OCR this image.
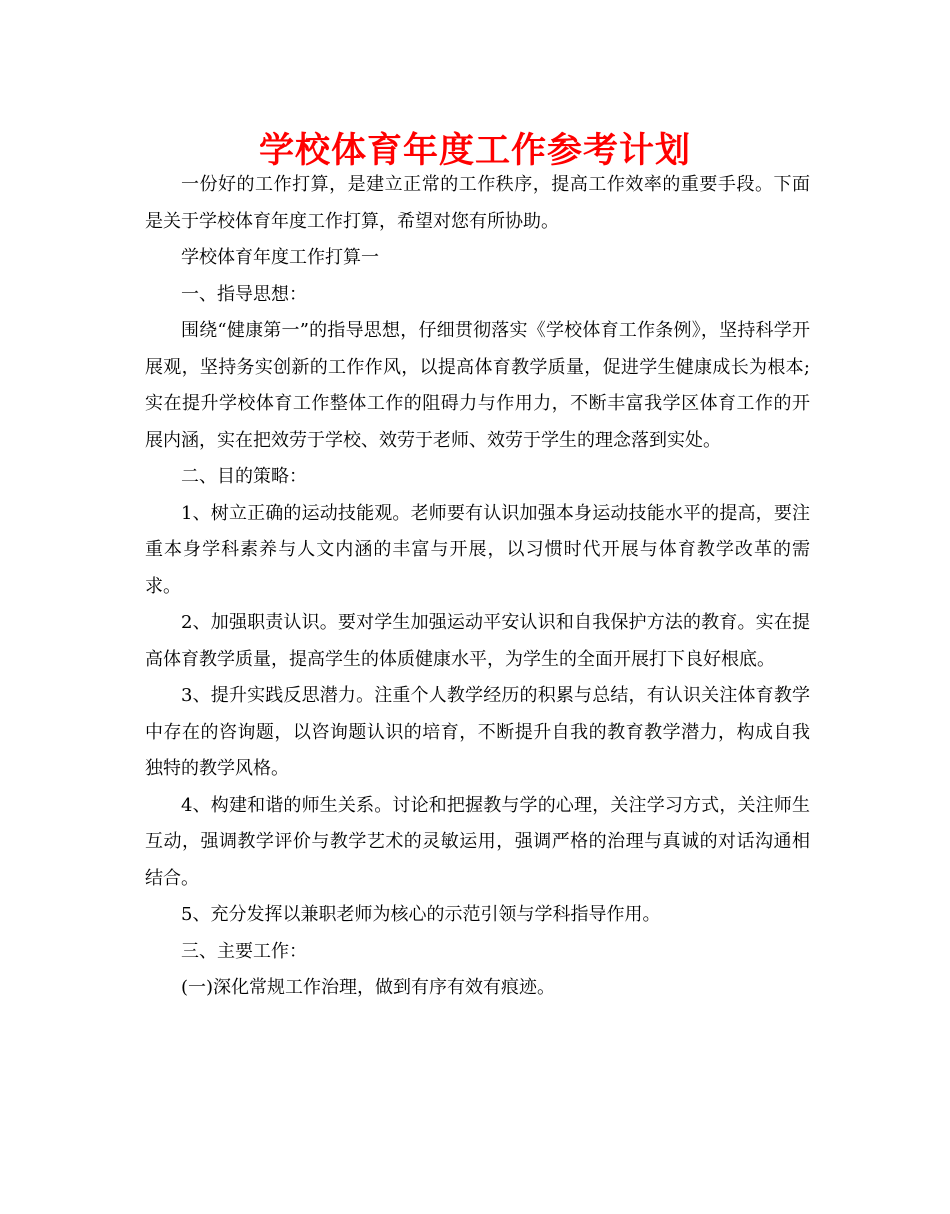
学校体育年度工作参考计划

一份好的工作打算，是建立正常的工作秩序，提高工作效率的重要手段。下面是关于学校体育年度工作打算，希望对您有所协助。

学校体育年度工作打算一

一、指导思想：

围绕“健康第一”的指导思想，仔细贯彻落实《学校体育工作条例》，坚持科学开展观，坚持务实创新的工作作风，以提高体育教学质量，促进学生健康成长为根本;实在提升学校体育工作整体工作的阻碍力与作用力，不断丰富我学区体育工作的开展内涵，实在把效劳于学校、效劳于老师、效劳于学生的理念落到实处。

二、目的策略：

1、树立正确的运动技能观。老师要有认识加强本身运动技能水平的提高，要注重本身学科素养与人文内涵的丰富与开展，以习惯时代开展与体育教学改革的需求。

2、加强职责认识。要对学生加强运动平安认识和自我保护方法的教育。实在提高体育教学质量，提高学生的体质健康水平，为学生的全面开展打下良好根底。

3、提升实践反思潜力。注重个人教学经历的积累与总结，有认识关注体育教学中存在的咨询题，以咨询题认识的培育，不断提升自我的教育教学潜力，构成自我独特的教学风格。

4、构建和谐的师生关系。讨论和把握教与学的心理，关注学习方式，关注师生互动，强调教学评价与教学艺术的灵敏运用，强调严格的治理与真诚的对话沟通相结合。

5、充分发挥以兼职老师为核心的示范引领与学科指导作用。

三、主要工作：

(一)深化常规工作治理，做到有序有效有痕迹。
